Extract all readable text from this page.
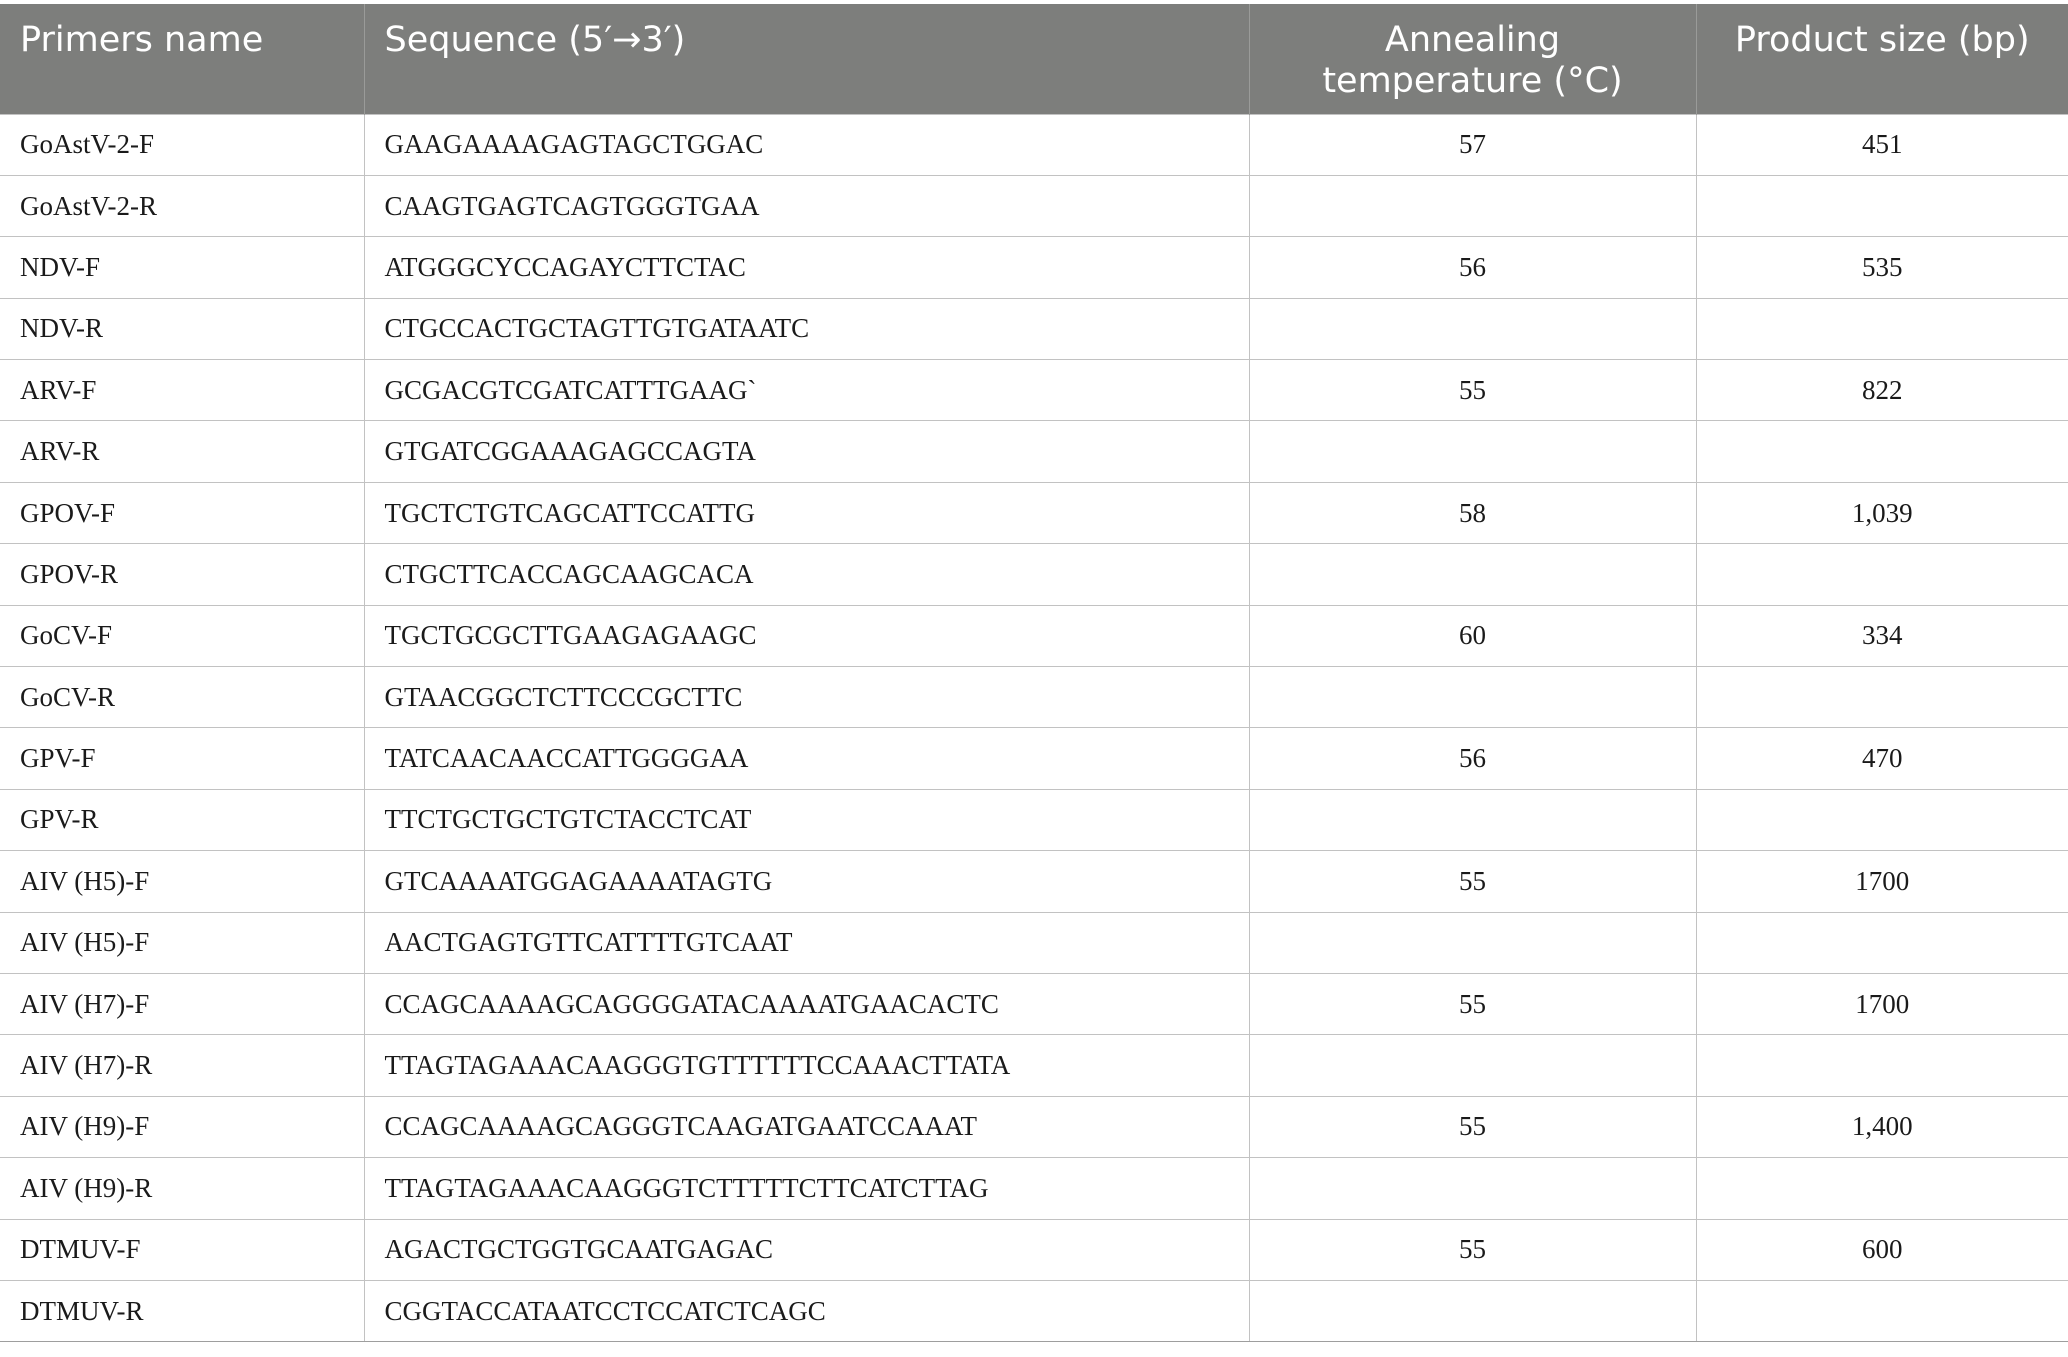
Primers name	Sequence (5′→3′)	Annealing temperature (°C)	Product size (bp)
GoAstV-2-F	GAAGAAAAGAGTAGCTGGAC	57	451
GoAstV-2-R	CAAGTGAGTCAGTGGGTGAA		
NDV-F	ATGGGCYCCAGAYCTTCTAC	56	535
NDV-R	CTGCCACTGCTAGTTGTGATAATC		
ARV-F	GCGACGTCGATCATTTGAAG`	55	822
ARV-R	GTGATCGGAAAGAGCCAGTA		
GPOV-F	TGCTCTGTCAGCATTCCATTG	58	1,039
GPOV-R	CTGCTTCACCAGCAAGCACA		
GoCV-F	TGCTGCGCTTGAAGAGAAGC	60	334
GoCV-R	GTAACGGCTCTTCCCGCTTC		
GPV-F	TATCAACAACCATTGGGGAA	56	470
GPV-R	TTCTGCTGCTGTCTACCTCAT		
AIV (H5)-F	GTCAAAATGGAGAAAATAGTG	55	1700
AIV (H5)-F	AACTGAGTGTTCATTTTGTCAAT		
AIV (H7)-F	CCAGCAAAAGCAGGGGATACAAAATGAACACTC	55	1700
AIV (H7)-R	TTAGTAGAAACAAGGGTGTTTTTTCCAAACTTATA		
AIV (H9)-F	CCAGCAAAAGCAGGGTCAAGATGAATCCAAAT	55	1,400
AIV (H9)-R	TTAGTAGAAACAAGGGTCTTTTTCTTCATCTTAG		
DTMUV-F	AGACTGCTGGTGCAATGAGAC	55	600
DTMUV-R	CGGTACCATAATCCTCCATCTCAGC		
